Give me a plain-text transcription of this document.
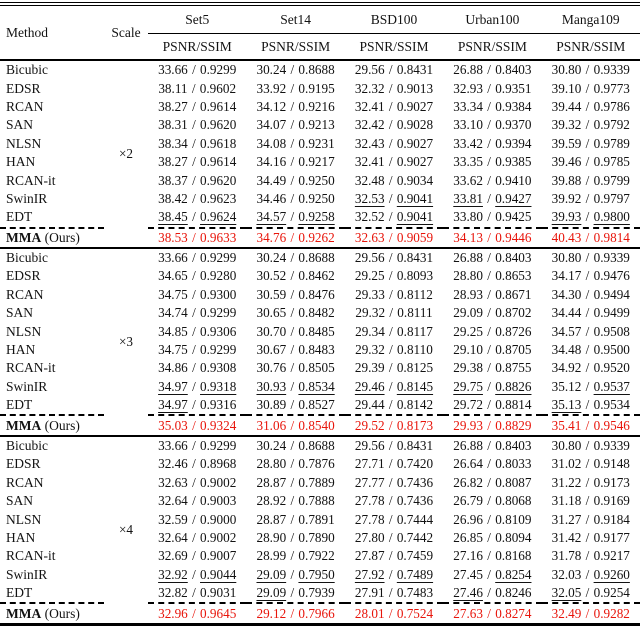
Method	Scale	Set5	Set14	BSD100	Urban100	Manga109
		PSNR/SSIM	PSNR/SSIM	PSNR/SSIM	PSNR/SSIM	PSNR/SSIM
Bicubic	×2	33.66 / 0.9299	30.24 / 0.8688	29.56 / 0.8431	26.88 / 0.8403	30.80 / 0.9339
EDSR		38.11 / 0.9602	33.92 / 0.9195	32.32 / 0.9013	32.93 / 0.9351	39.10 / 0.9773
RCAN		38.27 / 0.9614	34.12 / 0.9216	32.41 / 0.9027	33.34 / 0.9384	39.44 / 0.9786
SAN		38.31 / 0.9620	34.07 / 0.9213	32.42 / 0.9028	33.10 / 0.9370	39.32 / 0.9792
NLSN		38.34 / 0.9618	34.08 / 0.9231	32.43 / 0.9027	33.42 / 0.9394	39.59 / 0.9789
HAN		38.27 / 0.9614	34.16 / 0.9217	32.41 / 0.9027	33.35 / 0.9385	39.46 / 0.9785
RCAN-it		38.37 / 0.9620	34.49 / 0.9250	32.48 / 0.9034	33.62 / 0.9410	39.88 / 0.9799
SwinIR		38.42 / 0.9623	34.46 / 0.9250	32.53 / 0.9041	33.81 / 0.9427	39.92 / 0.9797
EDT		38.45 / 0.9624	34.57 / 0.9258	32.52 / 0.9041	33.80 / 0.9425	39.93 / 0.9800
MMA (Ours)		38.53 / 0.9633	34.76 / 0.9262	32.63 / 0.9059	34.13 / 0.9446	40.43 / 0.9814
Bicubic	×3	33.66 / 0.9299	30.24 / 0.8688	29.56 / 0.8431	26.88 / 0.8403	30.80 / 0.9339
EDSR		34.65 / 0.9280	30.52 / 0.8462	29.25 / 0.8093	28.80 / 0.8653	34.17 / 0.9476
RCAN		34.75 / 0.9300	30.59 / 0.8476	29.33 / 0.8112	28.93 / 0.8671	34.30 / 0.9494
SAN		34.74 / 0.9299	30.65 / 0.8482	29.32 / 0.8111	29.09 / 0.8702	34.44 / 0.9499
NLSN		34.85 / 0.9306	30.70 / 0.8485	29.34 / 0.8117	29.25 / 0.8726	34.57 / 0.9508
HAN		34.75 / 0.9299	30.67 / 0.8483	29.32 / 0.8110	29.10 / 0.8705	34.48 / 0.9500
RCAN-it		34.86 / 0.9308	30.76 / 0.8505	29.39 / 0.8125	29.38 / 0.8755	34.92 / 0.9520
SwinIR		34.97 / 0.9318	30.93 / 0.8534	29.46 / 0.8145	29.75 / 0.8826	35.12 / 0.9537
EDT		34.97 / 0.9316	30.89 / 0.8527	29.44 / 0.8142	29.72 / 0.8814	35.13 / 0.9534
MMA (Ours)		35.03 / 0.9324	31.06 / 0.8540	29.52 / 0.8173	29.93 / 0.8829	35.41 / 0.9546
Bicubic	×4	33.66 / 0.9299	30.24 / 0.8688	29.56 / 0.8431	26.88 / 0.8403	30.80 / 0.9339
EDSR		32.46 / 0.8968	28.80 / 0.7876	27.71 / 0.7420	26.64 / 0.8033	31.02 / 0.9148
RCAN		32.63 / 0.9002	28.87 / 0.7889	27.77 / 0.7436	26.82 / 0.8087	31.22 / 0.9173
SAN		32.64 / 0.9003	28.92 / 0.7888	27.78 / 0.7436	26.79 / 0.8068	31.18 / 0.9169
NLSN		32.59 / 0.9000	28.87 / 0.7891	27.78 / 0.7444	26.96 / 0.8109	31.27 / 0.9184
HAN		32.64 / 0.9002	28.90 / 0.7890	27.80 / 0.7442	26.85 / 0.8094	31.42 / 0.9177
RCAN-it		32.69 / 0.9007	28.99 / 0.7922	27.87 / 0.7459	27.16 / 0.8168	31.78 / 0.9217
SwinIR		32.92 / 0.9044	29.09 / 0.7950	27.92 / 0.7489	27.45 / 0.8254	32.03 / 0.9260
EDT		32.82 / 0.9031	29.09 / 0.7939	27.91 / 0.7483	27.46 / 0.8246	32.05 / 0.9254
MMA (Ours)		32.96 / 0.9645	29.12 / 0.7966	28.01 / 0.7524	27.63 / 0.8274	32.49 / 0.9282
